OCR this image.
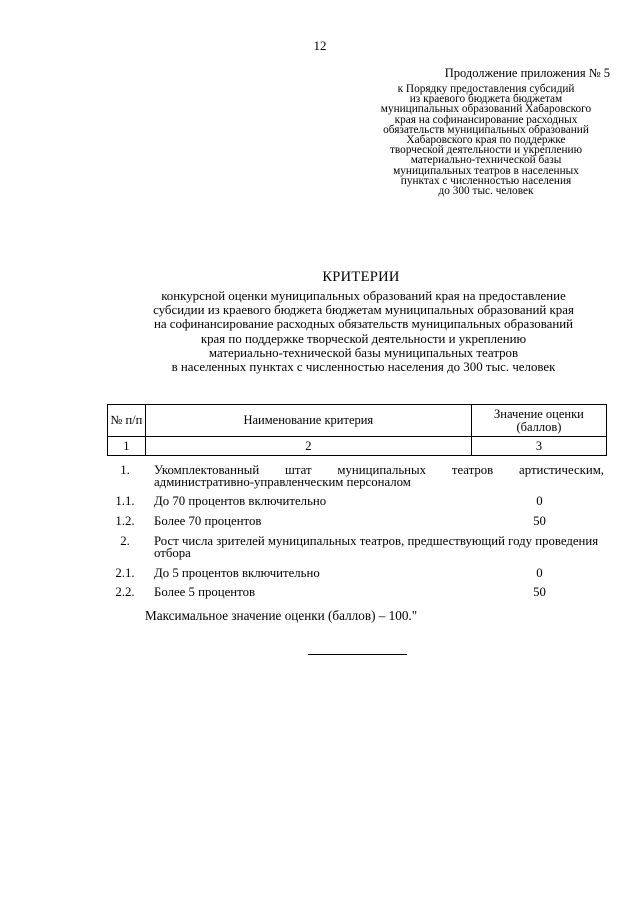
12
Продолжение приложения № 5
к Порядку предоставления субсидий
из краевого бюджета бюджетам
муниципальных образований Хабаровского
края на софинансирование расходных
обязательств муниципальных образований
Хабаровского края по поддержке
творческой деятельности и укреплению
материально-технической базы
муниципальных театров в населенных
пунктах с численностью населения
до 300 тыс. человек
КРИТЕРИИ
конкурсной оценки муниципальных образований края на предоставление
субсидии из краевого бюджета бюджетам муниципальных образований края
на софинансирование расходных обязательств муниципальных образований
края по поддержке творческой деятельности и укреплению
материально-технической базы муниципальных театров
в населенных пунктах с численностью населения до 300 тыс. человек
№ п/п	Наименование критерия	Значение оценки (баллов)
1	2	3
1.	Укомплектованный штат муниципальных театров артистическим, административно-управленческим персоналом
1.1.	До 70 процентов включительно	0
1.2.	Более 70 процентов	50
2.	Рост числа зрителей муниципальных театров, предшествующий году проведения отбора
2.1.	До 5 процентов включительно	0
2.2.	Более 5 процентов	50
Максимальное значение оценки (баллов) – 100."
